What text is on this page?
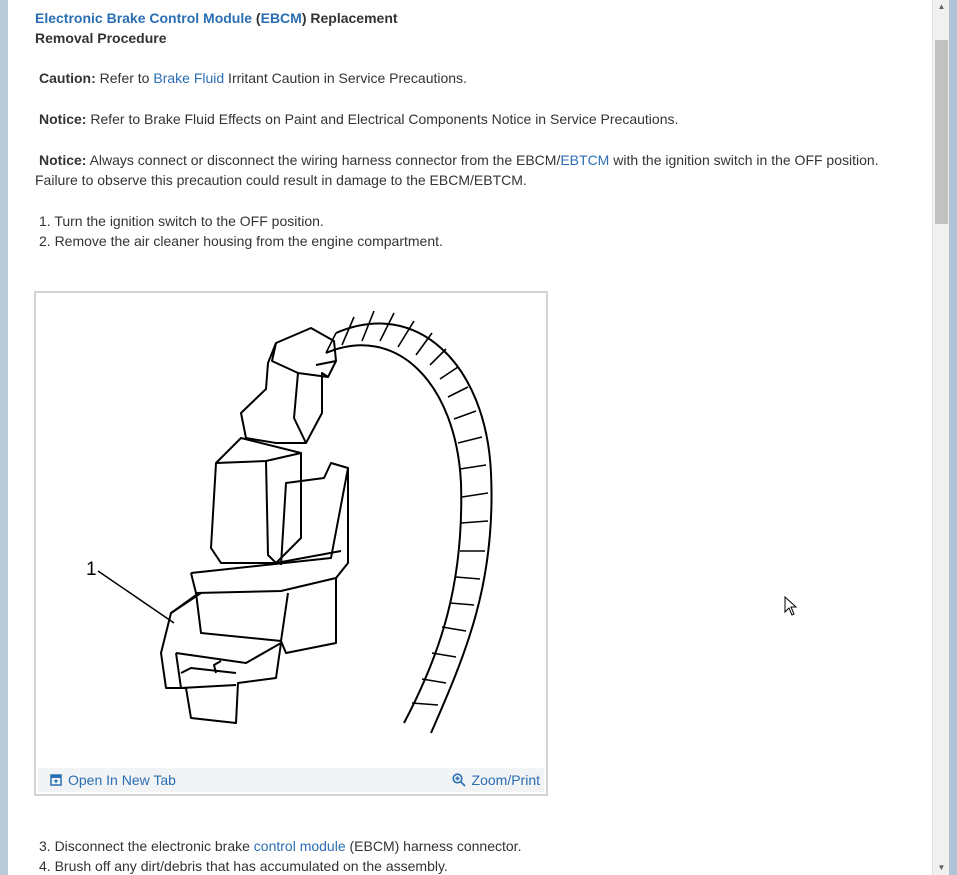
Electronic Brake Control Module (EBCM) Replacement
Removal Procedure
Caution: Refer to Brake Fluid Irritant Caution in Service Precautions.
Notice: Refer to Brake Fluid Effects on Paint and Electrical Components Notice in Service Precautions.
Notice: Always connect or disconnect the wiring harness connector from the EBCM/EBTCM with the ignition switch in the OFF position.
Failure to observe this precaution could result in damage to the EBCM/EBTCM.
1. Turn the ignition switch to the OFF position.
2. Remove the air cleaner housing from the engine compartment.
3. Disconnect the electronic brake control module (EBCM) harness connector.
4. Brush off any dirt/debris that has accumulated on the assembly.
1
Open In New Tab	Zoom/Print
▲
▼
